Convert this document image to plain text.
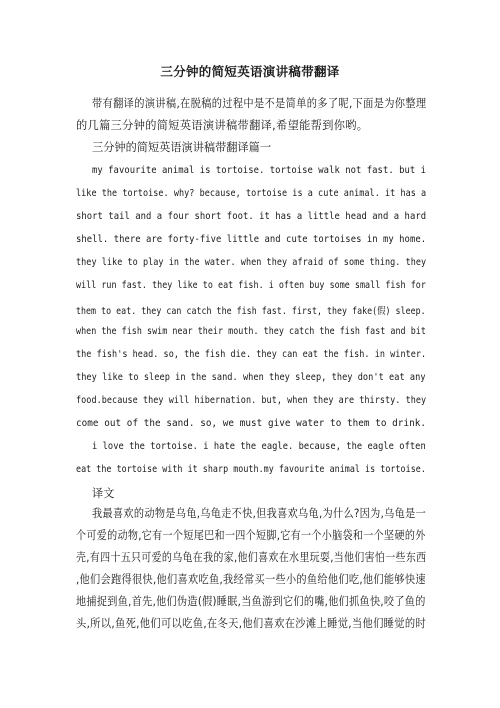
三分钟的简短英语演讲稿带翻译
带有翻译的演讲稿,在脱稿的过程中是不是简单的多了呢,下面是为你整理
的几篇三分钟的简短英语演讲稿带翻译,希望能帮到你哟。
三分钟的简短英语演讲稿带翻译篇一
my favourite animal is tortoise. tortoise walk not fast. but i
like the tortoise. why? because, tortoise is a cute animal. it has a
short tail and a four short foot. it has a little head and a hard
shell. there are forty-five little and cute tortoises in my home.
they like to play in the water. when they afraid of some thing. they
will run fast. they like to eat fish. i often buy some small fish for
them to eat. they can catch the fish fast. first, they fake(假) sleep.
when the fish swim near their mouth. they catch the fish fast and bit
the fish's head. so, the fish die. they can eat the fish. in winter.
they like to sleep in the sand. when they sleep, they don't eat any
food.because they will hibernation. but, when they are thirsty. they
come out of the sand. so, we must give water to them to drink.
i love the tortoise. i hate the eagle. because, the eagle often
eat the tortoise with it sharp mouth.my favourite animal is tortoise.
译文
我最喜欢的动物是乌龟,乌龟走不快,但我喜欢乌龟,为什么?因为,乌龟是一
个可爱的动物,它有一个短尾巴和一四个短脚,它有一个小脑袋和一个坚硬的外
壳,有四十五只可爱的乌龟在我的家,他们喜欢在水里玩耍,当他们害怕一些东西
,他们会跑得很快,他们喜欢吃鱼,我经常买一些小的鱼给他们吃,他们能够快速
地捕捉到鱼,首先,他们伪造(假)睡眠,当鱼游到它们的嘴,他们抓鱼快,咬了鱼的
头,所以,鱼死,他们可以吃鱼,在冬天,他们喜欢在沙滩上睡觉,当他们睡觉的时
